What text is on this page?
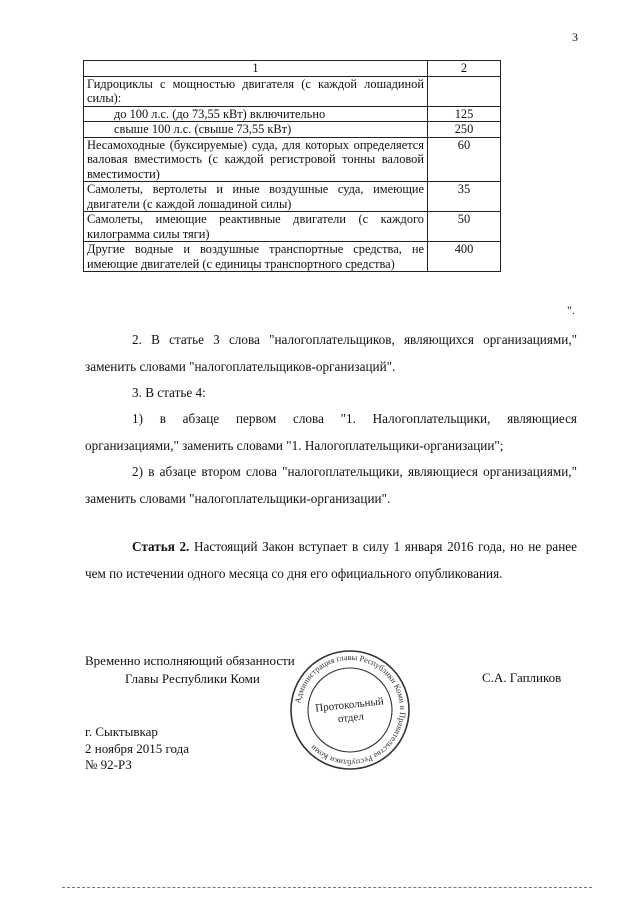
3
1	2
Гидроциклы с мощностью двигателя (с каждой лошадиной силы):	
до 100 л.с. (до 73,55 кВт) включительно	125
свыше 100 л.с. (свыше 73,55 кВт)	250
Несамоходные (буксируемые) суда, для которых определяется валовая вместимость (с каждой регистровой тонны валовой вместимости)	60
Самолеты, вертолеты и иные воздушные суда, имеющие двигатели (с каждой лошадиной силы)	35
Самолеты, имеющие реактивные двигатели (с каждого килограмма силы тяги)	50
Другие водные и воздушные транспортные средства, не имеющие двигателей (с единицы транспортного средства)	400
".

2. В статье 3 слова "налогоплательщиков, являющихся организациями," заменить словами "налогоплательщиков-организаций".

3. В статье 4:

1) в абзаце первом слова "1. Налогоплательщики, являющиеся организациями," заменить словами "1. Налогоплательщики-организации";

2) в абзаце втором слова "налогоплательщики, являющиеся организациями," заменить словами "налогоплательщики-организации".

Статья 2. Настоящий Закон вступает в силу 1 января 2016 года, но не ранее чем по истечении одного месяца со дня его официального опубликования.

Временно исполняющий обязанности
Главы Республики Коми	С.А. Гапликов
г. Сыктывкар
2 ноября 2015 года
№ 92-РЗ
Администрация главы Республики Коми и Правительства Республики Коми
Протокольный
отдел
